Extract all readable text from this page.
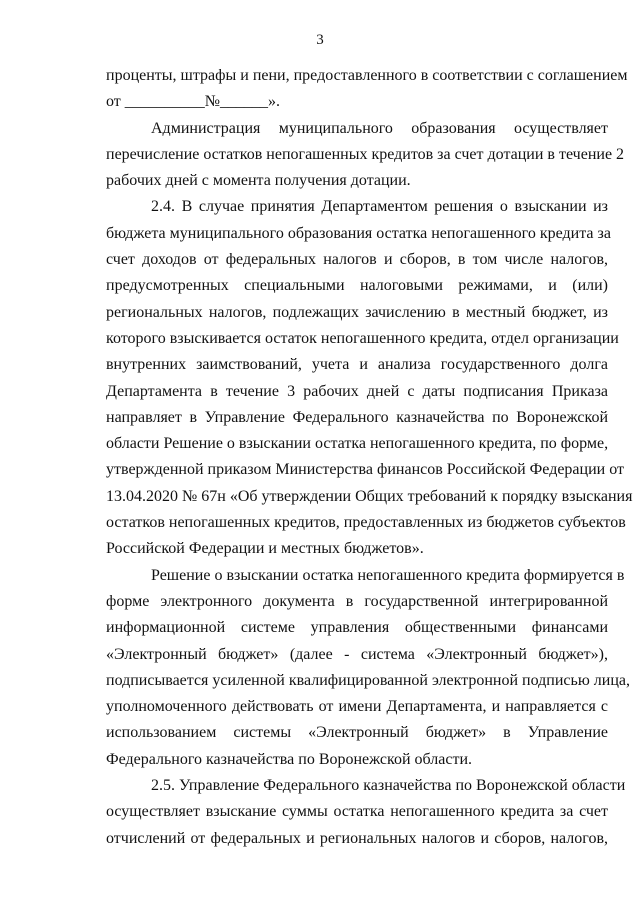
3
проценты, штрафы и пени, предоставленного в соответствии с соглашением
от __________№______».
Администрация муниципального образования осуществляет
перечисление остатков непогашенных кредитов за счет дотации в течение 2
рабочих дней с момента получения дотации.
2.4. В случае принятия Департаментом решения о взыскании из
бюджета муниципального образования остатка непогашенного кредита за
счет доходов от федеральных налогов и сборов, в том числе налогов,
предусмотренных специальными налоговыми режимами, и (или)
региональных налогов, подлежащих зачислению в местный бюджет, из
которого взыскивается остаток непогашенного кредита, отдел организации
внутренних заимствований, учета и анализа государственного долга
Департамента в течение 3 рабочих дней с даты подписания Приказа
направляет в Управление Федерального казначейства по Воронежской
области Решение о взыскании остатка непогашенного кредита, по форме,
утвержденной приказом Министерства финансов Российской Федерации от
13.04.2020 № 67н «Об утверждении Общих требований к порядку взыскания
остатков непогашенных кредитов, предоставленных из бюджетов субъектов
Российской Федерации и местных бюджетов».
Решение о взыскании остатка непогашенного кредита формируется в
форме электронного документа в государственной интегрированной
информационной системе управления общественными финансами
«Электронный бюджет» (далее - система «Электронный бюджет»),
подписывается усиленной квалифицированной электронной подписью лица,
уполномоченного действовать от имени Департамента, и направляется с
использованием системы «Электронный бюджет» в Управление
Федерального казначейства по Воронежской области.
2.5. Управление Федерального казначейства по Воронежской области
осуществляет взыскание суммы остатка непогашенного кредита за счет
отчислений от федеральных и региональных налогов и сборов, налогов,
